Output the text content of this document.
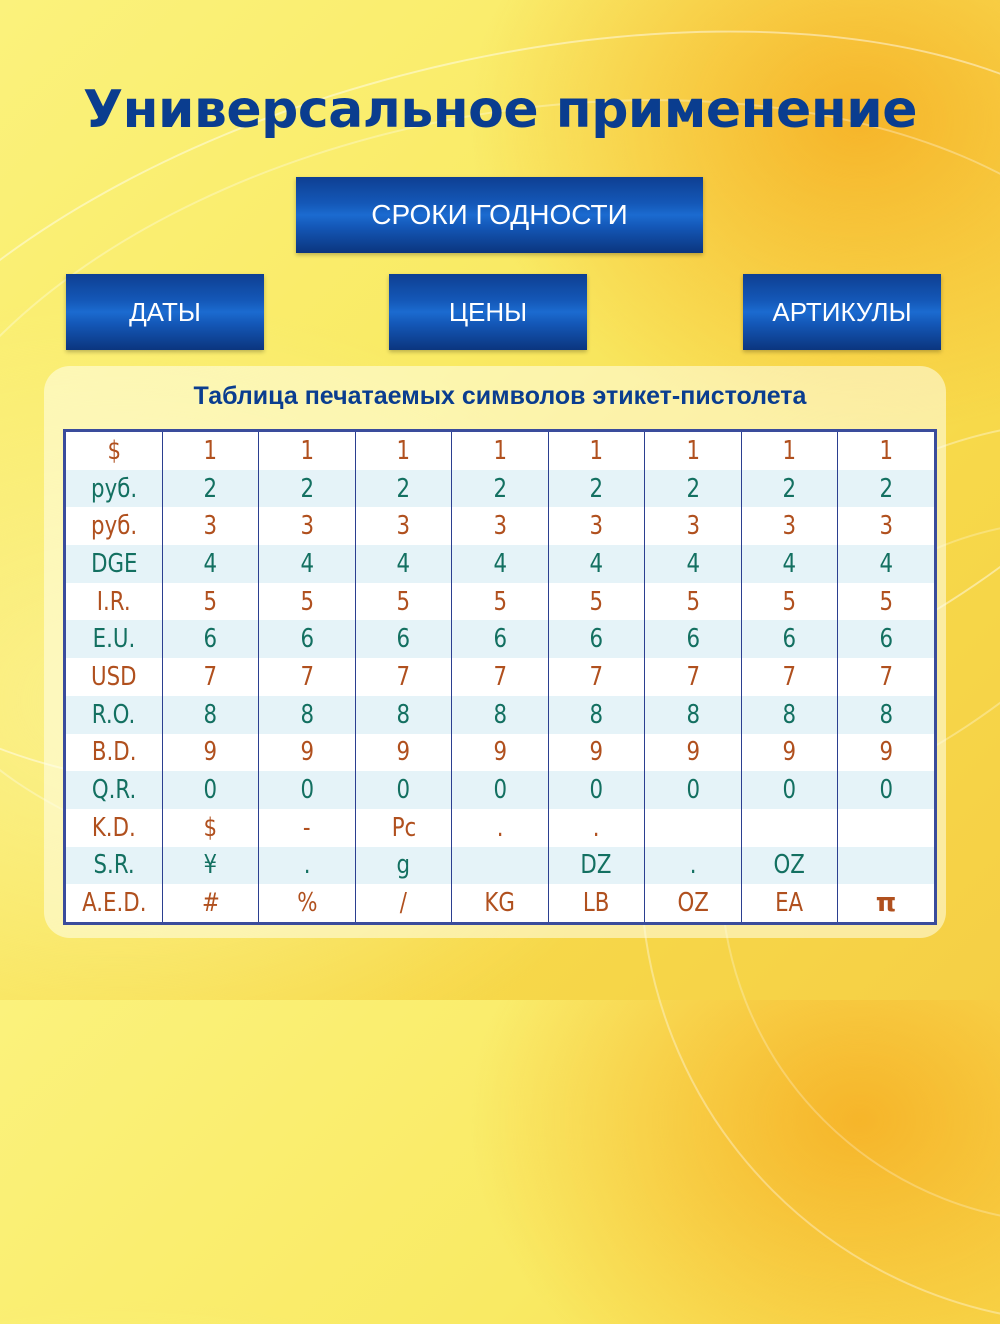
Универсальное применение
СРОКИ ГОДНОСТИ
ДАТЫ	ЦЕНЫ	АРТИКУЛЫ
Таблица печатаемых символов этикет-пистолета
$	1	1	1	1	1	1	1	1
руб.	2	2	2	2	2	2	2	2
руб.	3	3	3	3	3	3	3	3
DGE	4	4	4	4	4	4	4	4
I.R.	5	5	5	5	5	5	5	5
E.U.	6	6	6	6	6	6	6	6
USD	7	7	7	7	7	7	7	7
R.O.	8	8	8	8	8	8	8	8
B.D.	9	9	9	9	9	9	9	9
Q.R.	0	0	0	0	0	0	0	0
K.D.	$	-	Pc	.	.			
S.R.	¥	.	g		DZ	.	OZ	
A.E.D.	#	%	/	KG	LB	OZ	EA	π
